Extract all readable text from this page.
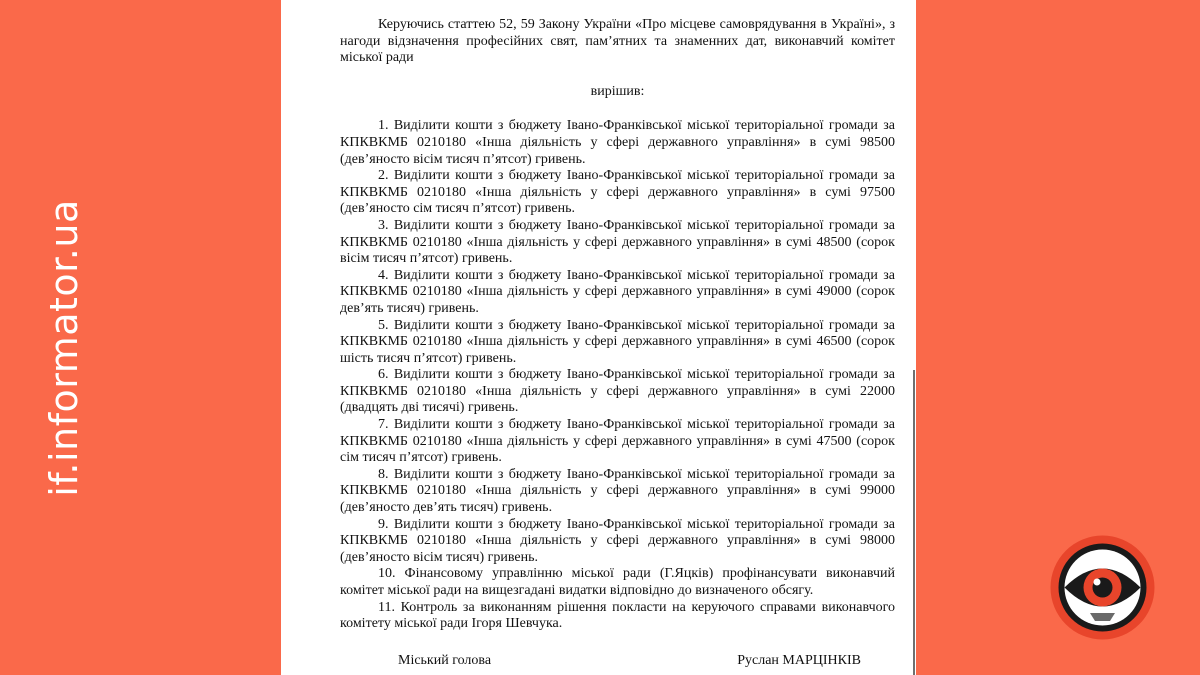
if.informator.ua

Керуючись статтею 52, 59 Закону України «Про місцеве самоврядування в Україні», з нагоди відзначення професійних свят, пам’ятних та знаменних дат, виконавчий комітет міської ради

вирішив:

1. Виділити кошти з бюджету Івано-Франківської міської територіальної громади за КПКВКМБ 0210180 «Інша діяльність у сфері державного управління» в сумі 98500 (дев’яносто вісім тисяч п’ятсот) гривень.

2. Виділити кошти з бюджету Івано-Франківської міської територіальної громади за КПКВКМБ 0210180 «Інша діяльність у сфері державного управління» в сумі 97500 (дев’яносто сім тисяч п’ятсот) гривень.

3. Виділити кошти з бюджету Івано-Франківської міської територіальної громади за КПКВКМБ 0210180 «Інша діяльність у сфері державного управління» в сумі 48500 (сорок вісім тисяч п’ятсот) гривень.

4. Виділити кошти з бюджету Івано-Франківської міської територіальної громади за КПКВКМБ 0210180 «Інша діяльність у сфері державного управління» в сумі 49000 (сорок дев’ять тисяч) гривень.

5. Виділити кошти з бюджету Івано-Франківської міської територіальної громади за КПКВКМБ 0210180 «Інша діяльність у сфері державного управління» в сумі 46500 (сорок шість тисяч п’ятсот) гривень.

6. Виділити кошти з бюджету Івано-Франківської міської територіальної громади за КПКВКМБ 0210180 «Інша діяльність у сфері державного управління» в сумі 22000 (двадцять дві тисячі) гривень.

7. Виділити кошти з бюджету Івано-Франківської міської територіальної громади за КПКВКМБ 0210180 «Інша діяльність у сфері державного управління» в сумі 47500 (сорок сім тисяч п’ятсот) гривень.

8. Виділити кошти з бюджету Івано-Франківської міської територіальної громади за КПКВКМБ 0210180 «Інша діяльність у сфері державного управління» в сумі 99000 (дев’яносто дев’ять тисяч) гривень.

9. Виділити кошти з бюджету Івано-Франківської міської територіальної громади за КПКВКМБ 0210180 «Інша діяльність у сфері державного управління» в сумі 98000 (дев’яносто вісім тисяч) гривень.

10. Фінансовому управлінню міської ради (Г.Яцків) профінансувати виконавчий комітет міської ради на вищезгадані видатки відповідно до визначеного обсягу.

11. Контроль за виконанням рішення покласти на керуючого справами виконавчого комітету міської ради Ігоря Шевчука.

Міський голова	Руслан МАРЦІНКІВ
